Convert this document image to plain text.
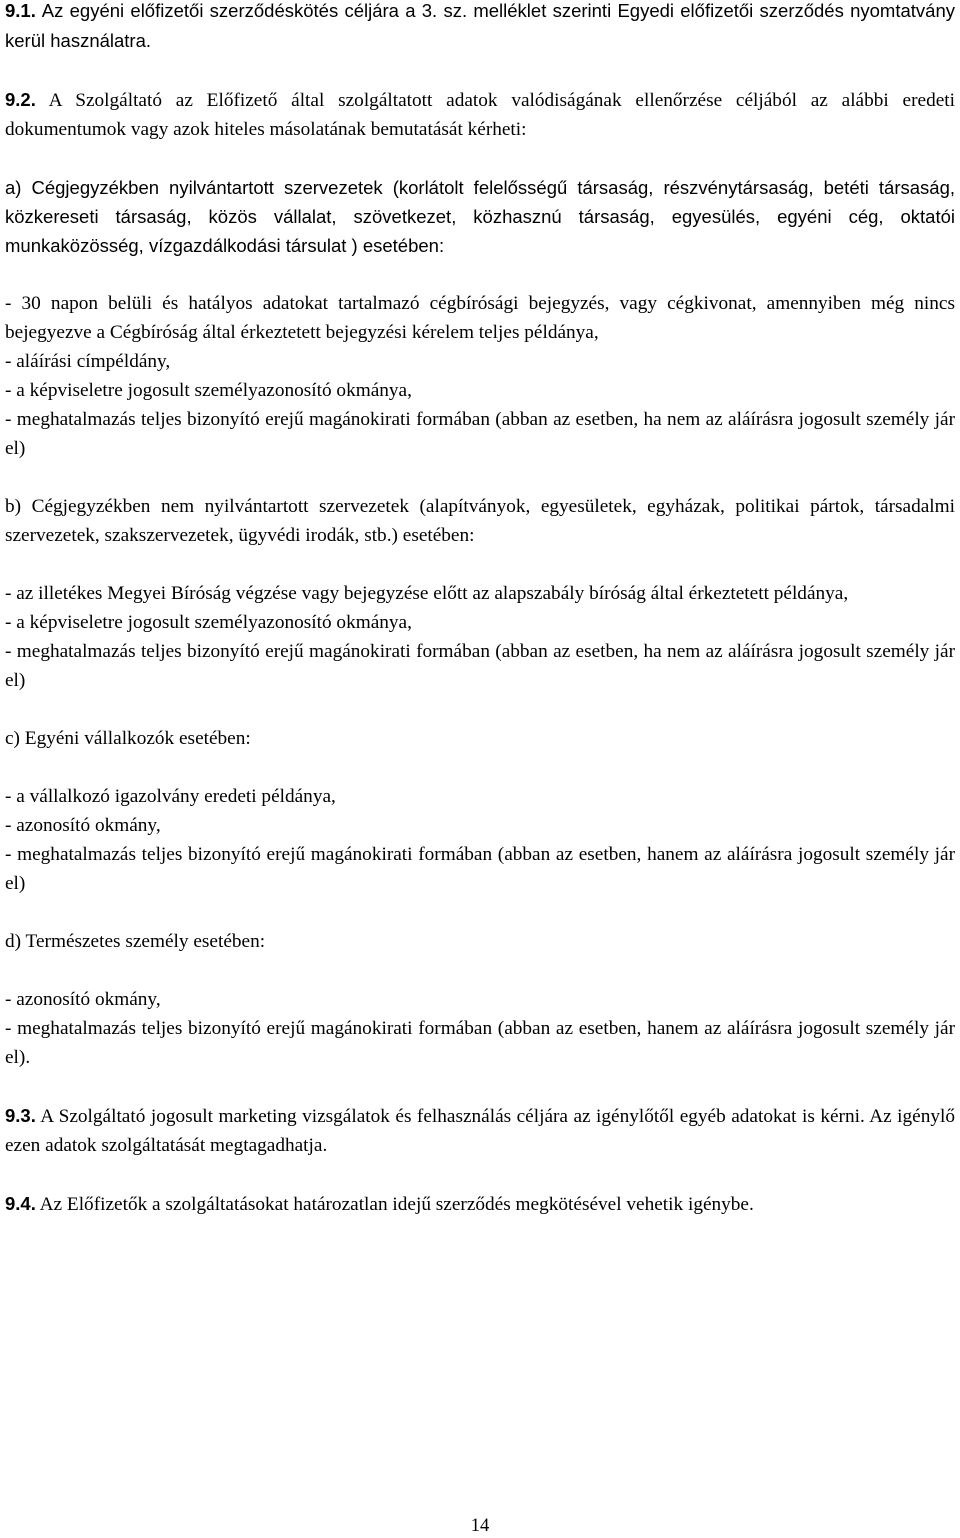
9.1. Az egyéni előfizetői szerződéskötés céljára a 3. sz. melléklet szerinti Egyedi előfizetői szerződés nyomtatvány kerül használatra.

9.2. A Szolgáltató az Előfizető által szolgáltatott adatok valódiságának ellenőrzése céljából az alábbi eredeti dokumentumok vagy azok hiteles másolatának bemutatását kérheti:

a) Cégjegyzékben nyilvántartott szervezetek (korlátolt felelősségű társaság, részvénytársaság, betéti társaság, közkereseti társaság, közös vállalat, szövetkezet, közhasznú társaság, egyesülés, egyéni cég, oktatói munkaközösség, vízgazdálkodási társulat ) esetében:

- 30 napon belüli és hatályos adatokat tartalmazó cégbírósági bejegyzés, vagy cégkivonat, amennyiben még nincs bejegyezve a Cégbíróság által érkeztetett bejegyzési kérelem teljes példánya,

- aláírási címpéldány,

- a képviseletre jogosult személyazonosító okmánya,

- meghatalmazás teljes bizonyító erejű magánokirati formában (abban az esetben, ha nem az aláírásra jogosult személy jár el)

b) Cégjegyzékben nem nyilvántartott szervezetek (alapítványok, egyesületek, egyházak, politikai pártok, társadalmi szervezetek, szakszervezetek, ügyvédi irodák, stb.) esetében:

- az illetékes Megyei Bíróság végzése vagy bejegyzése előtt az alapszabály bíróság által érkeztetett példánya,

- a képviseletre jogosult személyazonosító okmánya,

- meghatalmazás teljes bizonyító erejű magánokirati formában (abban az esetben, ha nem az aláírásra jogosult személy jár el)

c) Egyéni vállalkozók esetében:

- a vállalkozó igazolvány eredeti példánya,

- azonosító okmány,

- meghatalmazás teljes bizonyító erejű magánokirati formában (abban az esetben, hanem az aláírásra jogosult személy jár el)

d) Természetes személy esetében:

- azonosító okmány,

- meghatalmazás teljes bizonyító erejű magánokirati formában (abban az esetben, hanem az aláírásra jogosult személy jár el).

9.3. A Szolgáltató jogosult marketing vizsgálatok és felhasználás céljára az igénylőtől egyéb adatokat is kérni. Az igénylő ezen adatok szolgáltatását megtagadhatja.

9.4. Az Előfizetők a szolgáltatásokat határozatlan idejű szerződés megkötésével vehetik igénybe.

14
